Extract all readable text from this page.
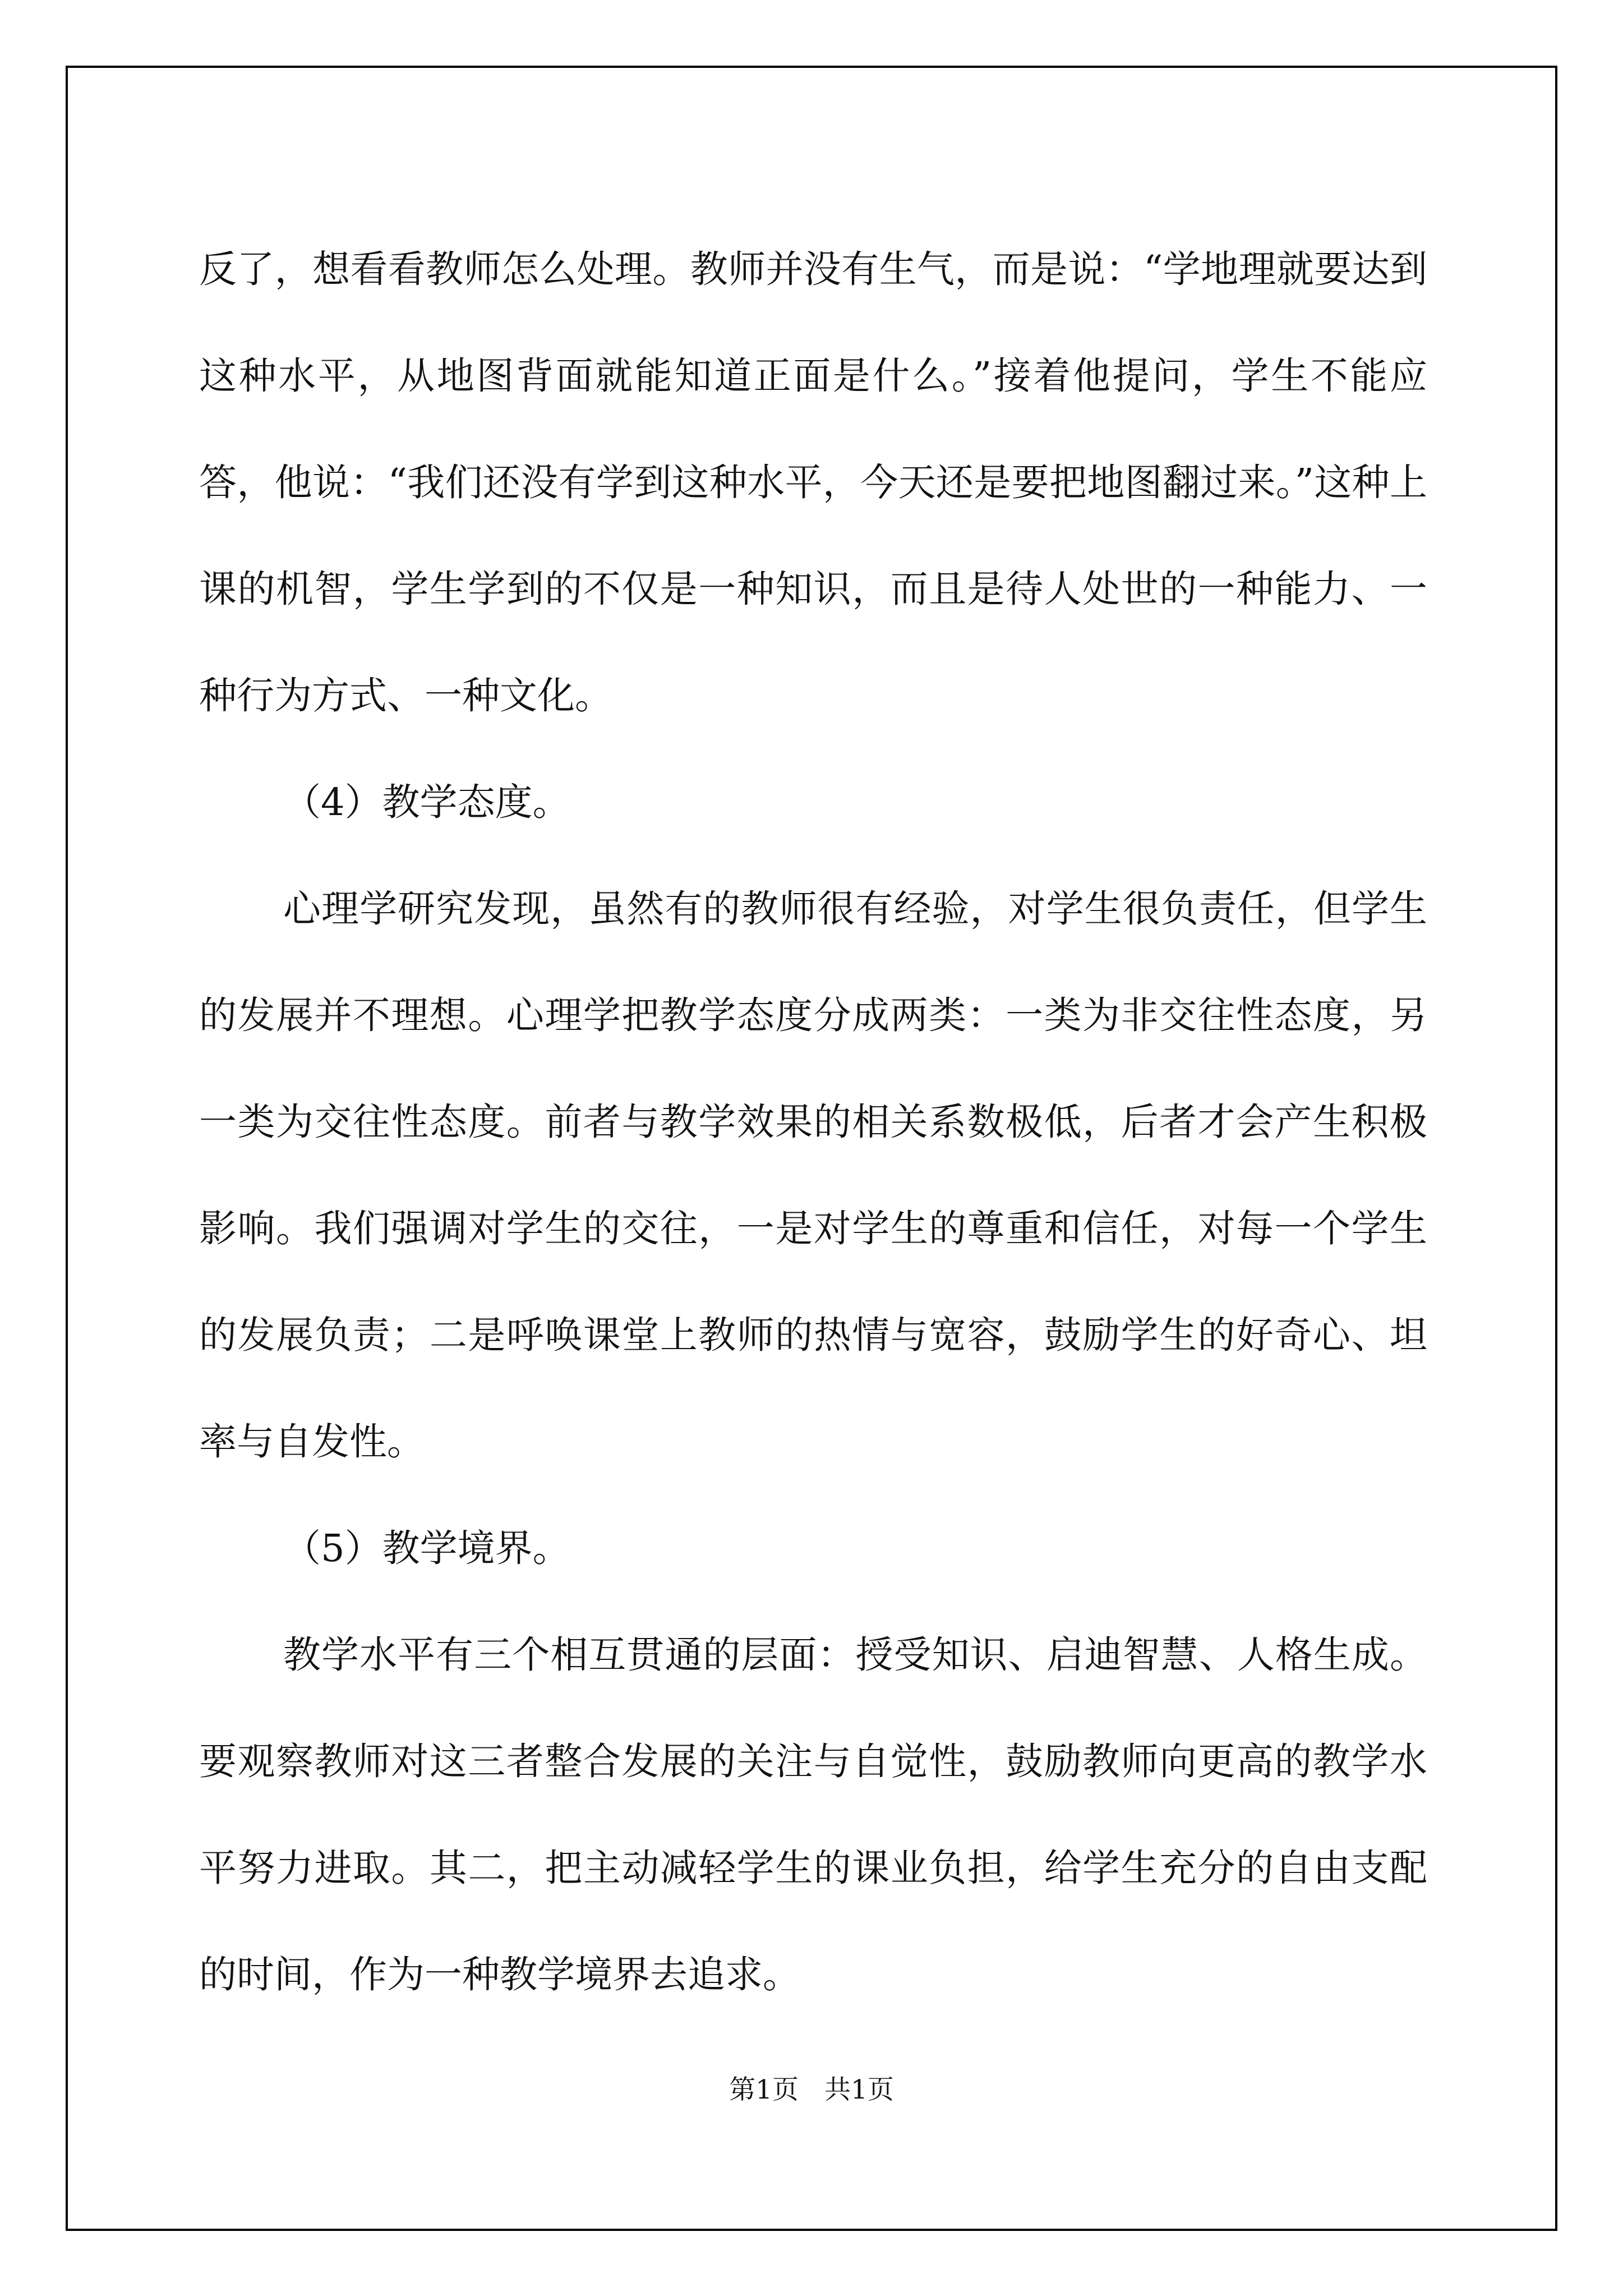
反了，想看看教师怎么处理。教师并没有生气，而是说：“学地理就要达到这种水平，从地图背面就能知道正面是什么。”接着他提问，学生不能应答，他说：“我们还没有学到这种水平，今天还是要把地图翻过来。”这种上课的机智，学生学到的不仅是一种知识，而且是待人处世的一种能力、一种行为方式、一种文化。

（4）教学态度。

心理学研究发现，虽然有的教师很有经验，对学生很负责任，但学生的发展并不理想。心理学把教学态度分成两类：一类为非交往性态度，另一类为交往性态度。前者与教学效果的相关系数极低，后者才会产生积极影响。我们强调对学生的交往，一是对学生的尊重和信任，对每一个学生的发展负责；二是呼唤课堂上教师的热情与宽容，鼓励学生的好奇心、坦率与自发性。

（5）教学境界。

教学水平有三个相互贯通的层面：授受知识、启迪智慧、人格生成。要观察教师对这三者整合发展的关注与自觉性，鼓励教师向更高的教学水平努力进取。其二，把主动减轻学生的课业负担，给学生充分的自由支配的时间，作为一种教学境界去追求。

第1页 共1页
